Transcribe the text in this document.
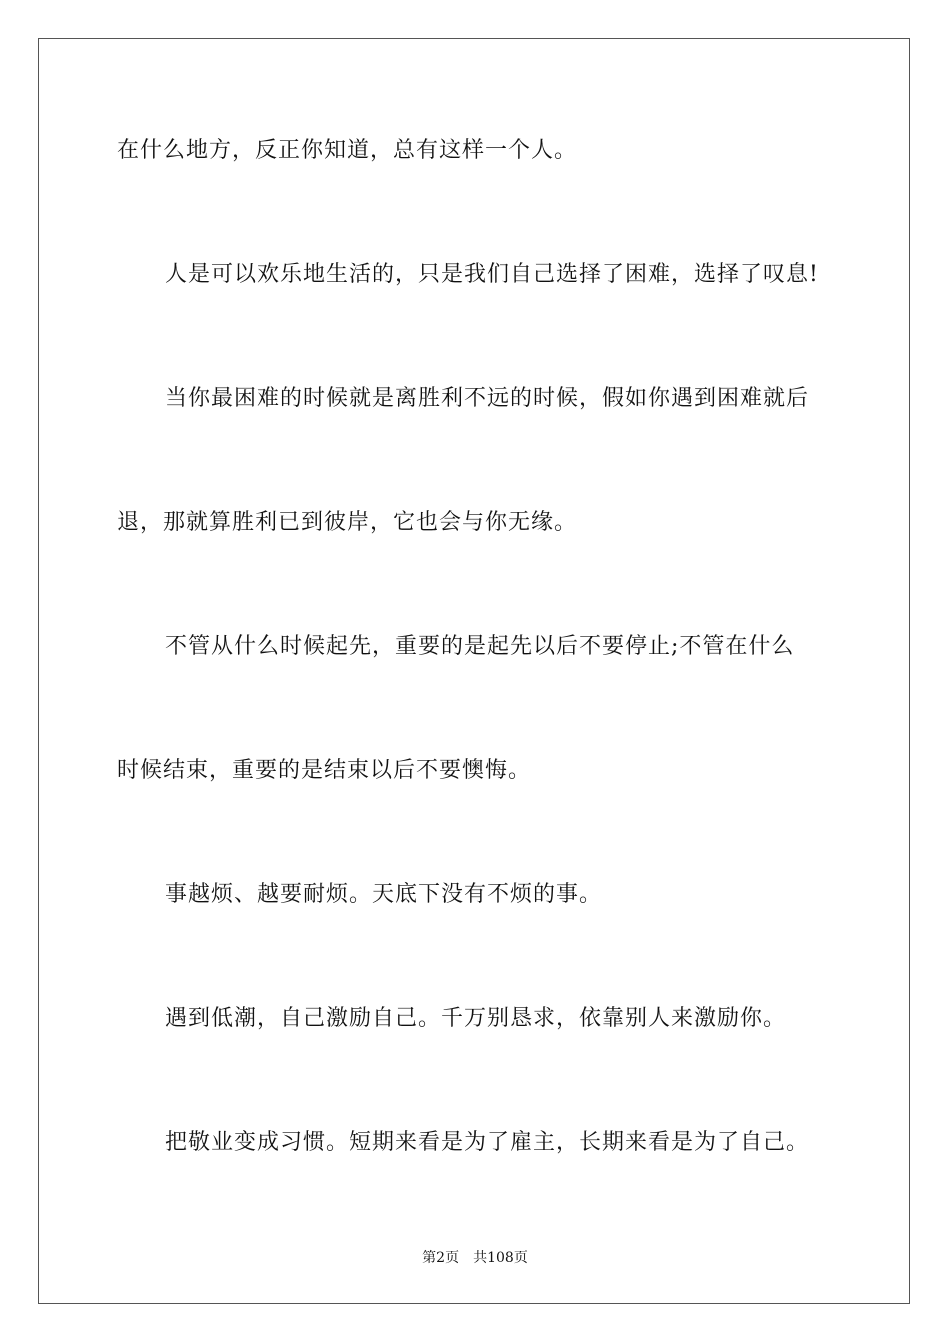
在什么地方，反正你知道，总有这样一个人。
人是可以欢乐地生活的，只是我们自己选择了困难，选择了叹息!
当你最困难的时候就是离胜利不远的时候，假如你遇到困难就后
退，那就算胜利已到彼岸，它也会与你无缘。
不管从什么时候起先，重要的是起先以后不要停止;不管在什么
时候结束，重要的是结束以后不要懊悔。
事越烦、越要耐烦。天底下没有不烦的事。
遇到低潮，自己激励自己。千万别恳求，依靠别人来激励你。
把敬业变成习惯。短期来看是为了雇主，长期来看是为了自己。
第2页 共108页
